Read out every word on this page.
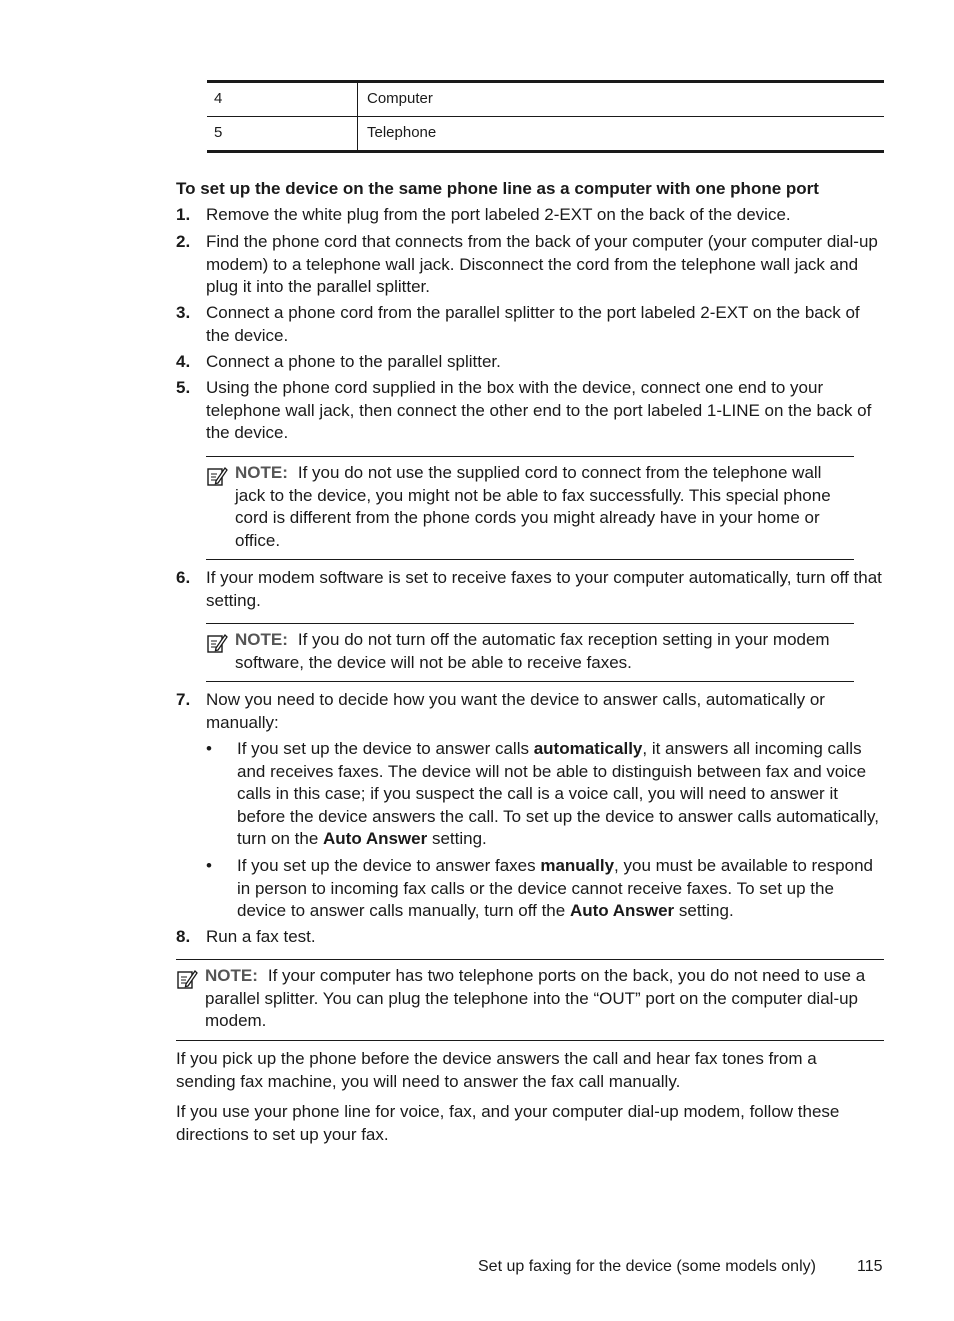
4	Computer
5	Telephone
To set up the device on the same phone line as a computer with one phone port
1. Remove the white plug from the port labeled 2-EXT on the back of the device.
2. Find the phone cord that connects from the back of your computer (your computer dial-up modem) to a telephone wall jack. Disconnect the cord from the telephone wall jack and plug it into the parallel splitter.
3. Connect a phone cord from the parallel splitter to the port labeled 2-EXT on the back of the device.
4. Connect a phone to the parallel splitter.
5. Using the phone cord supplied in the box with the device, connect one end to your telephone wall jack, then connect the other end to the port labeled 1-LINE on the back of the device.
NOTE: If you do not use the supplied cord to connect from the telephone wall jack to the device, you might not be able to fax successfully. This special phone cord is different from the phone cords you might already have in your home or office.
6. If your modem software is set to receive faxes to your computer automatically, turn off that setting.
NOTE: If you do not turn off the automatic fax reception setting in your modem software, the device will not be able to receive faxes.
7. Now you need to decide how you want the device to answer calls, automatically or manually:
• If you set up the device to answer calls automatically, it answers all incoming calls and receives faxes. The device will not be able to distinguish between fax and voice calls in this case; if you suspect the call is a voice call, you will need to answer it before the device answers the call. To set up the device to answer calls automatically, turn on the Auto Answer setting.
• If you set up the device to answer faxes manually, you must be available to respond in person to incoming fax calls or the device cannot receive faxes. To set up the device to answer calls manually, turn off the Auto Answer setting.
8. Run a fax test.
NOTE: If your computer has two telephone ports on the back, you do not need to use a parallel splitter. You can plug the telephone into the “OUT” port on the computer dial-up modem.
If you pick up the phone before the device answers the call and hear fax tones from a sending fax machine, you will need to answer the fax call manually.
If you use your phone line for voice, fax, and your computer dial-up modem, follow these directions to set up your fax.
Set up faxing for the device (some models only)	115
